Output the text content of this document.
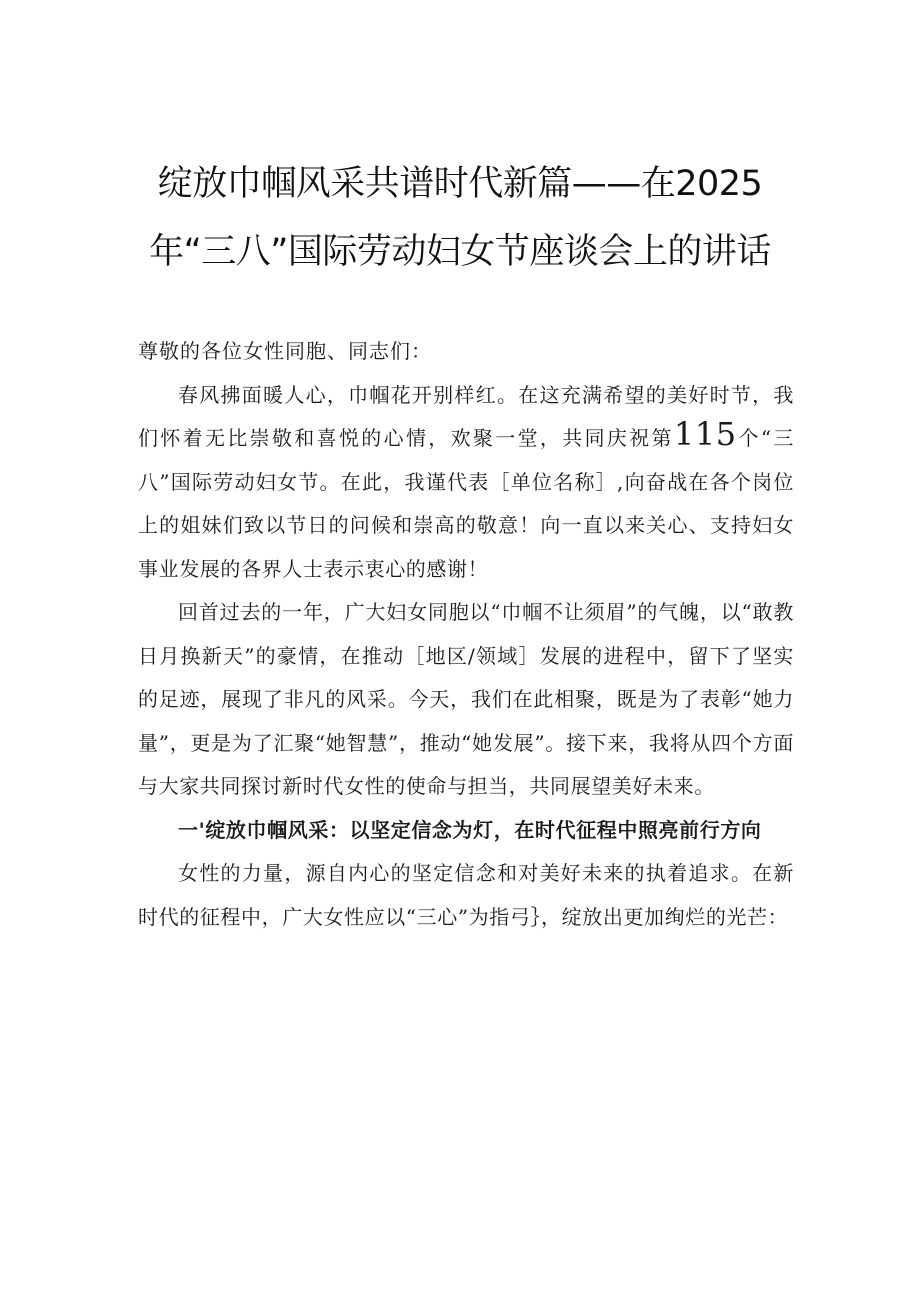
绽放巾帼风采共谱时代新篇——在2025
年“三八”国际劳动妇女节座谈会上的讲话

尊敬的各位女性同胞、同志们：

春风拂面暖人心，巾帼花开别样红。在这充满希望的美好时节，我们怀着无比崇敬和喜悦的心情，欢聚一堂，共同庆祝第115个“三八”国际劳动妇女节。在此，我谨代表［单位名称］,向奋战在各个岗位上的姐妹们致以节日的问候和崇高的敬意！向一直以来关心、支持妇女事业发展的各界人士表示衷心的感谢！

回首过去的一年，广大妇女同胞以“巾帼不让须眉”的气魄，以“敢教日月换新天”的豪情，在推动［地区/领域］发展的进程中，留下了坚实的足迹，展现了非凡的风采。今天，我们在此相聚，既是为了表彰“她力量”，更是为了汇聚“她智慧”，推动“她发展”。接下来，我将从四个方面与大家共同探讨新时代女性的使命与担当，共同展望美好未来。

一'绽放巾帼风采：以坚定信念为灯，在时代征程中照亮前行方向

女性的力量，源自内心的坚定信念和对美好未来的执着追求。在新时代的征程中，广大女性应以“三心”为指弓｝，绽放出更加绚烂的光芒：
